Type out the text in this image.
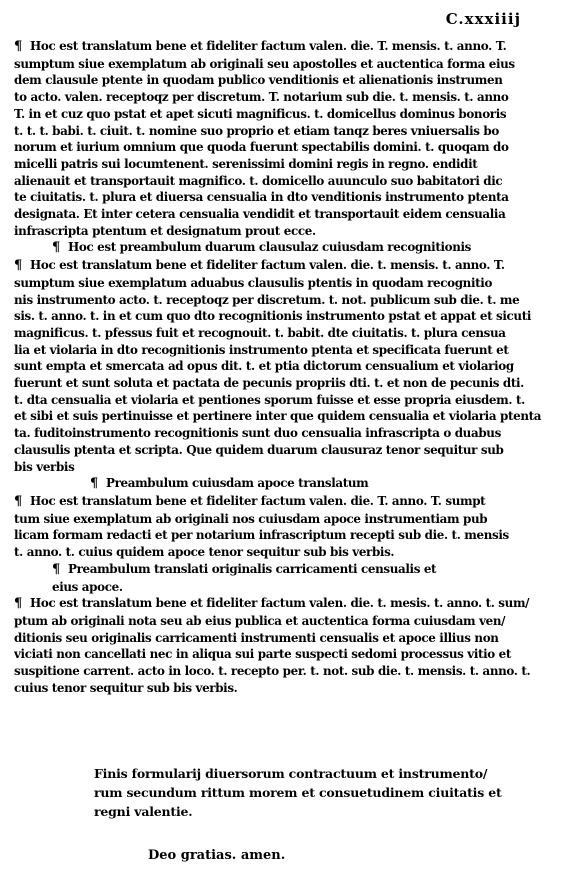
C.xxxiiij
¶Hoc est translatum bene et fideliter factum valen. die. T. mensis. t. anno. T.
sumptum siue exemplatum ab originali seu apostolles et auctentica forma eius
dem clausule ptente in quodam publico venditionis et alienationis instrumen
to acto. valen. receptoqz per discretum. T. notarium sub die. t. mensis. t. anno
T. in et cuz quo pstat et apet sicuti magnificus. t. domicellus dominus bonoris
t. t. t. babi. t. ciuit. t. nomine suo proprio et etiam tanqz beres vniuersalis bo
norum et iurium omnium que quoda fuerunt spectabilis domini. t. quoqam do
micelli patris sui locumtenent. serenissimi domini regis in regno. endidit
alienauit et transportauit magnifico. t. domicello auunculo suo babitatori dic
te ciuitatis. t. plura et diuersa censualia in dto venditionis instrumento ptenta
designata. Et inter cetera censualia vendidit et transportauit eidem censualia
infrascripta ptentum et designatum prout ecce.
¶Hoc est preambulum duarum clausulaz cuiusdam recognitionis
¶Hoc est translatum bene et fideliter factum valen. die. t. mensis. t. anno. T.
sumptum siue exemplatum aduabus clausulis ptentis in quodam recognitio
nis instrumento acto. t. receptoqz per discretum. t. not. publicum sub die. t. me
sis. t. anno. t. in et cum quo dto recognitionis instrumento pstat et appat et sicuti
magnificus. t. pfessus fuit et recognouit. t. babit. dte ciuitatis. t. plura censua
lia et violaria in dto recognitionis instrumento ptenta et specificata fuerunt et
sunt empta et smercata ad opus dit. t. et ptia dictorum censualium et violariog
fuerunt et sunt soluta et pactata de pecunis propriis dti. t. et non de pecunis dti.
t. dta censualia et violaria et pentiones sporum fuisse et esse propria eiusdem. t.
et sibi et suis pertinuisse et pertinere inter que quidem censualia et violaria ptenta
ta. fuditoinstrumento recognitionis sunt duo censualia infrascripta o duabus
clausulis ptenta et scripta. Que quidem duarum clausuraz tenor sequitur sub
bis verbis
¶Preambulum cuiusdam apoce translatum
¶Hoc est translatum bene et fideliter factum valen. die. T. anno. T. sumpt
tum siue exemplatum ab originali nos cuiusdam apoce instrumentiam pub
licam formam redacti et per notarium infrascriptum recepti sub die. t. mensis
t. anno. t. cuius quidem apoce tenor sequitur sub bis verbis.
¶Preambulum translati originalis carricamenti censualis et
eius apoce.
¶Hoc est translatum bene et fideliter factum valen. die. t. mesis. t. anno. t. sum/
ptum ab originali nota seu ab eius publica et auctentica forma cuiusdam ven/
ditionis seu originalis carricamenti instrumenti censualis et apoce illius non
viciati non cancellati nec in aliqua sui parte suspecti sedomi processus vitio et
suspitione carrent. acto in loco. t. recepto per. t. not. sub die. t. mensis. t. anno. t.
cuius tenor sequitur sub bis verbis.
Finis formularij diuersorum contractuum et instrumento/
rum secundum rittum morem et consuetudinem ciuitatis et
regni valentie.
Deo gratias. amen.
